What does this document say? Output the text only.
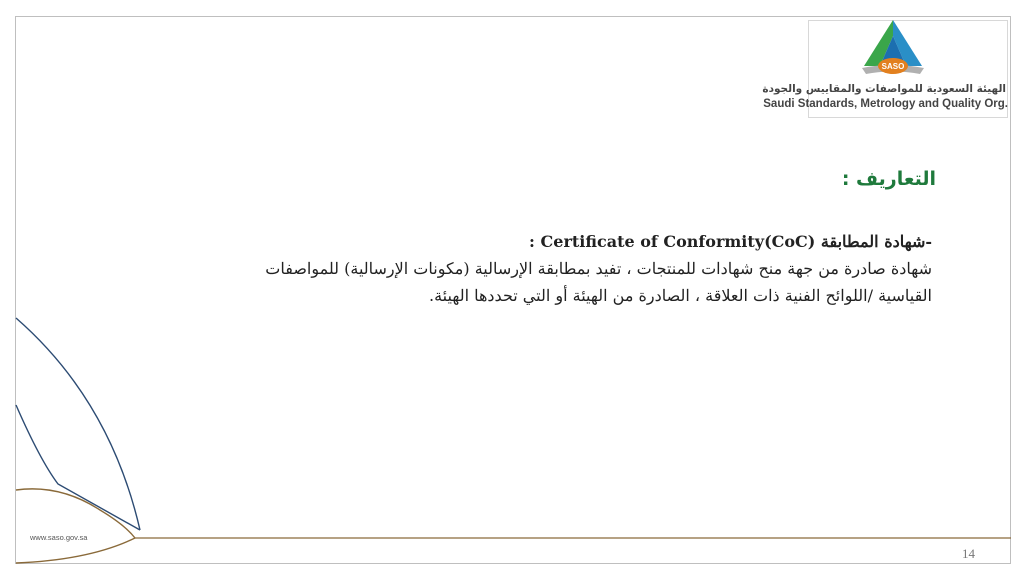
SASO
الهيئة السعودية للمواصفات والمقاييس والجودة
Saudi Standards, Metrology and Quality Org.
التعاريف :
-شهادة المطابقة (Certificate of Conformity(CoC :
شهادة صادرة من جهة منح شهادات للمنتجات ، تفيد بمطابقة الإرسالية (مكونات الإرسالية) للمواصفات
القياسية /اللوائح الفنية ذات العلاقة ، الصادرة من الهيئة أو التي تحددها الهيئة.
www.saso.gov.sa
14
